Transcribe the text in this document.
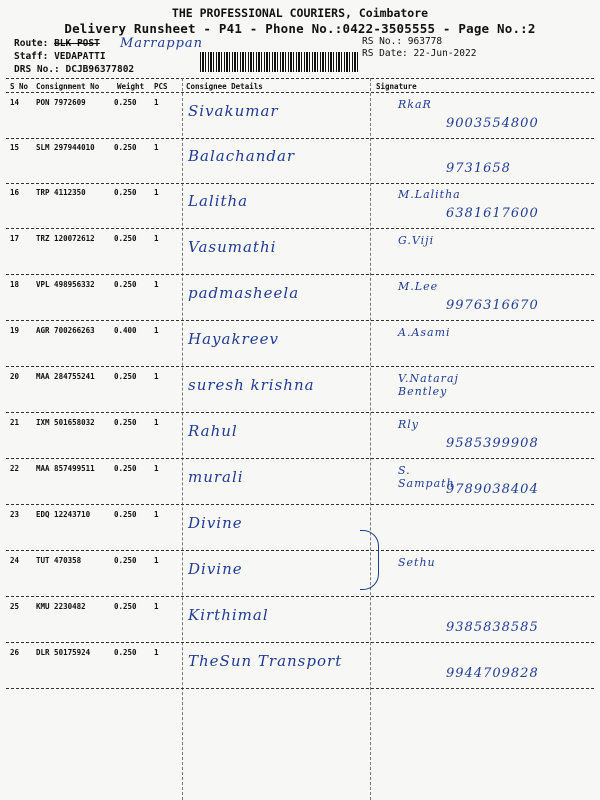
THE PROFESSIONAL COURIERS, Coimbatore
Delivery Runsheet - P41 - Phone No.:0422-3505555 - Page No.:2
Route: BLK POST Marrappan
Staff: VEDAPATTI
DRS No.: DCJB96377802
RS No.: 963778
RS Date: 22-Jun-2022
S No Consignment No Weight PCS Consignee Details	Signature
14 PON 7972609	0.250 1 Sivakumar	RkaR
9003554800
15 SLM 297944010	0.250 1 Balachandar
9731658
16 TRP 4112350	0.250 1 Lalitha	M.Lalitha
6381617600
17 TRZ 120072612	0.250 1 Vasumathi	G.Viji
18 VPL 498956332	0.250 1 padmasheela	M.Lee
9976316670
19 AGR 700266263	0.400 1 Hayakreev	A.Asami
20 MAA 284755241	0.250 1 suresh krishna	V.Nataraj Bentley
21 IXM 501658032	0.250 1 Rahul	Rly
9585399908
22 MAA 857499511	0.250 1 murali	S. Sampath
9789038404
23 EDQ 12243710	0.250 1 Divine
24 TUT 470358	0.250 1 Divine	Sethu
25 KMU 2230482	0.250 1 Kirthimal
9385838585
26 DLR 50175924	0.250 1 TheSun Transport
9944709828
